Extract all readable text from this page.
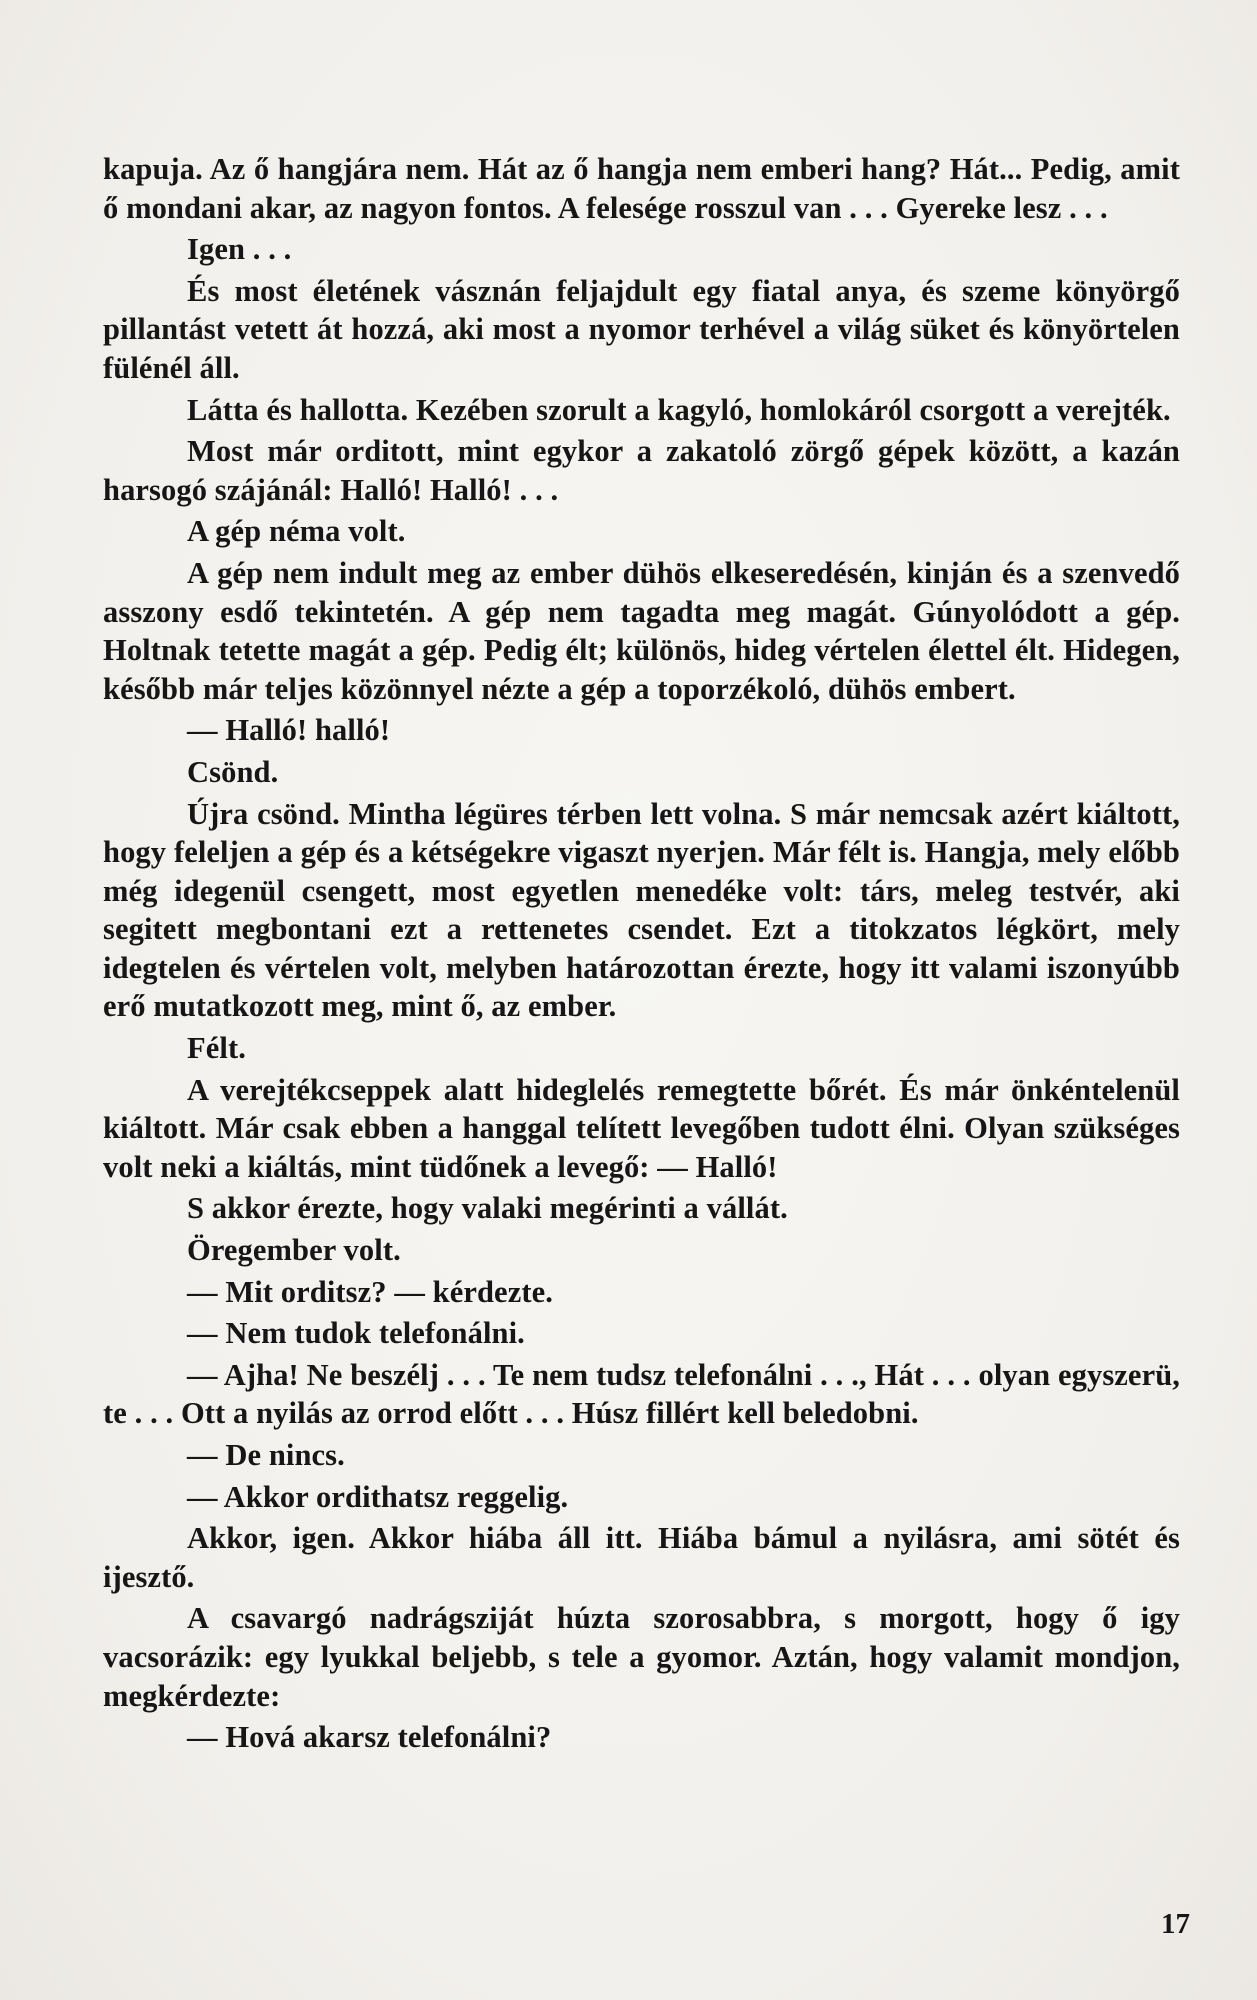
kapuja. Az ő hangjára nem. Hát az ő hangja nem emberi hang? Hát... Pedig, amit ő mondani akar, az nagyon fontos. A felesége rosszul van . . . Gyereke lesz . . .

Igen . . .

És most életének vásznán feljajdult egy fiatal anya, és szeme könyörgő pillantást vetett át hozzá, aki most a nyomor terhével a világ süket és könyörtelen fülénél áll.

Látta és hallotta. Kezében szorult a kagyló, homlokáról csorgott a verejték.

Most már orditott, mint egykor a zakatoló zörgő gépek között, a kazán harsogó szájánál: Halló! Halló! . . .

A gép néma volt.

A gép nem indult meg az ember dühös elkeseredésén, kinján és a szenvedő asszony esdő tekintetén. A gép nem tagadta meg magát. Gúnyolódott a gép. Holtnak tetette magát a gép. Pedig élt; különös, hideg vértelen élettel élt. Hidegen, később már teljes közönnyel nézte a gép a toporzékoló, dühös embert.

— Halló! halló!

Csönd.

Újra csönd. Mintha légüres térben lett volna. S már nemcsak azért kiáltott, hogy feleljen a gép és a kétségekre vigaszt nyerjen. Már félt is. Hangja, mely előbb még idegenül csengett, most egyetlen menedéke volt: társ, meleg testvér, aki segitett megbontani ezt a rettenetes csendet. Ezt a titokzatos légkört, mely idegtelen és vértelen volt, melyben határozottan érezte, hogy itt valami iszonyúbb erő mutatkozott meg, mint ő, az ember.

Félt.

A verejtékcseppek alatt hideglelés remegtette bőrét. És már önkéntelenül kiáltott. Már csak ebben a hanggal telített levegőben tudott élni. Olyan szükséges volt neki a kiáltás, mint tüdőnek a levegő: — Halló!

S akkor érezte, hogy valaki megérinti a vállát.

Öregember volt.

— Mit orditsz? — kérdezte.

— Nem tudok telefonálni.

— Ajha! Ne beszélj . . . Te nem tudsz telefonálni . . ., Hát . . . olyan egyszerü, te . . . Ott a nyilás az orrod előtt . . . Húsz fillért kell beledobni.

— De nincs.

— Akkor ordithatsz reggelig.

Akkor, igen. Akkor hiába áll itt. Hiába bámul a nyilásra, ami sötét és ijesztő.

A csavargó nadrágsziját húzta szorosabbra, s morgott, hogy ő igy vacsorázik: egy lyukkal beljebb, s tele a gyomor. Aztán, hogy valamit mondjon, megkérdezte:

— Hová akarsz telefonálni?

17
